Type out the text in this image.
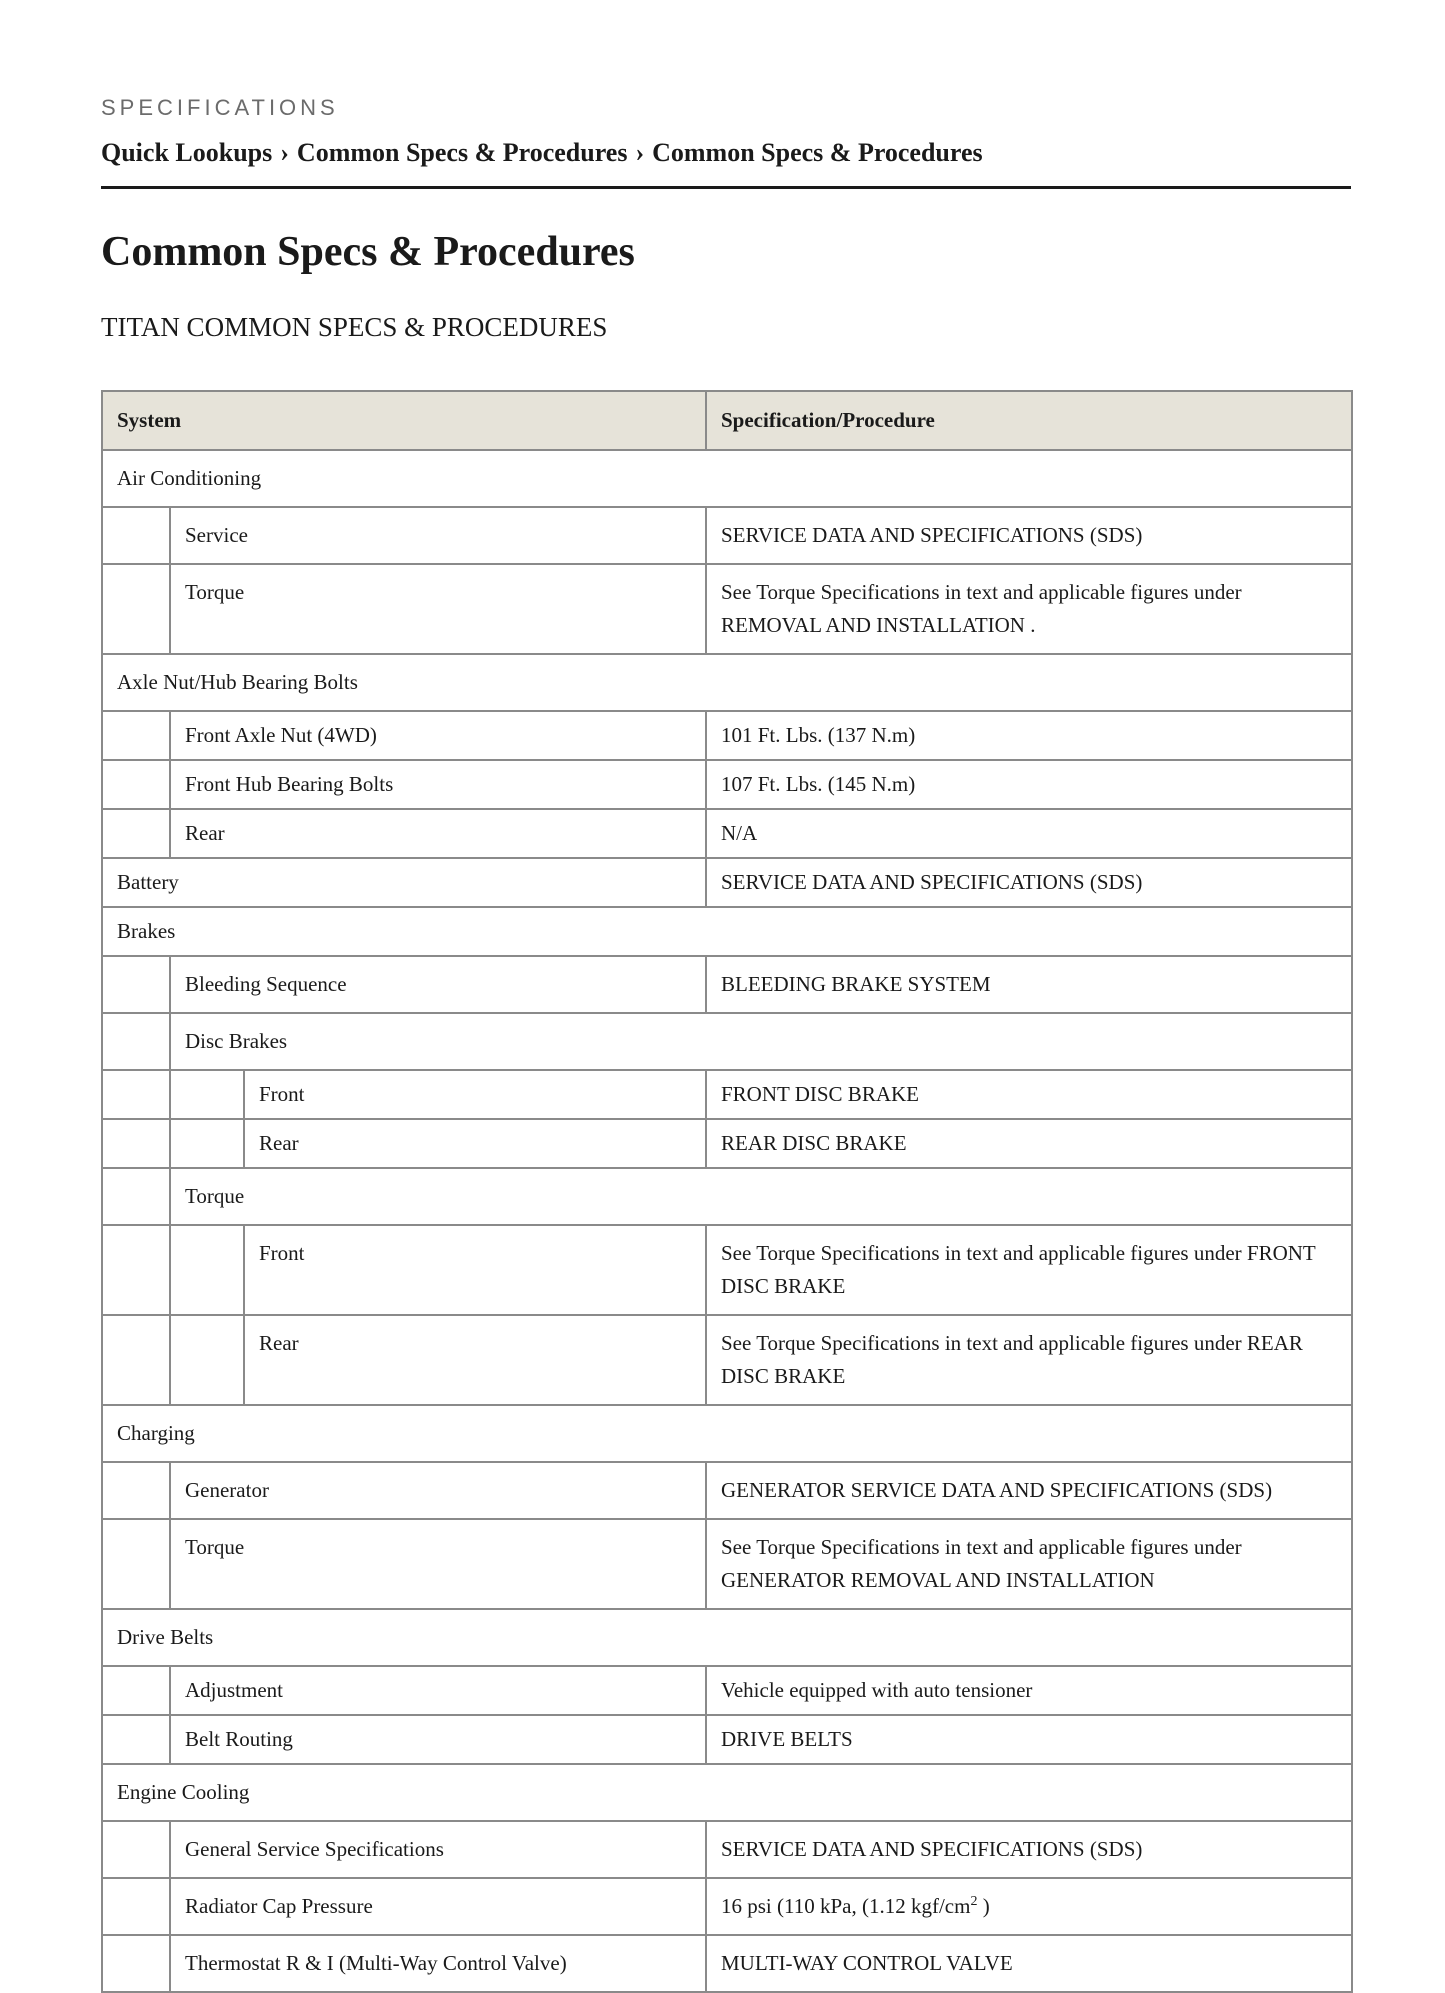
SPECIFICATIONS
Quick Lookups › Common Specs & Procedures › Common Specs & Procedures
Common Specs & Procedures
TITAN COMMON SPECS & PROCEDURES
System			Specification/Procedure
Air Conditioning			
	Service		SERVICE DATA AND SPECIFICATIONS (SDS)
	Torque		See Torque Specifications in text and applicable figures under REMOVAL AND INSTALLATION .
Axle Nut/Hub Bearing Bolts			
	Front Axle Nut (4WD)		101 Ft. Lbs. (137 N.m)
	Front Hub Bearing Bolts		107 Ft. Lbs. (145 N.m)
	Rear		N/A
Battery			SERVICE DATA AND SPECIFICATIONS (SDS)
Brakes			
	Bleeding Sequence		BLEEDING BRAKE SYSTEM
	Disc Brakes		
		Front	FRONT DISC BRAKE
		Rear	REAR DISC BRAKE
	Torque		
		Front	See Torque Specifications in text and applicable figures under FRONT DISC BRAKE
		Rear	See Torque Specifications in text and applicable figures under REAR DISC BRAKE
Charging			
	Generator		GENERATOR SERVICE DATA AND SPECIFICATIONS (SDS)
	Torque		See Torque Specifications in text and applicable figures under GENERATOR REMOVAL AND INSTALLATION
Drive Belts			
	Adjustment		Vehicle equipped with auto tensioner
	Belt Routing		DRIVE BELTS
Engine Cooling			
	General Service Specifications		SERVICE DATA AND SPECIFICATIONS (SDS)
	Radiator Cap Pressure		16 psi (110 kPa, (1.12 kgf/$cm^2$ )
	Thermostat R & I (Multi-Way Control Valve)		MULTI-WAY CONTROL VALVE
